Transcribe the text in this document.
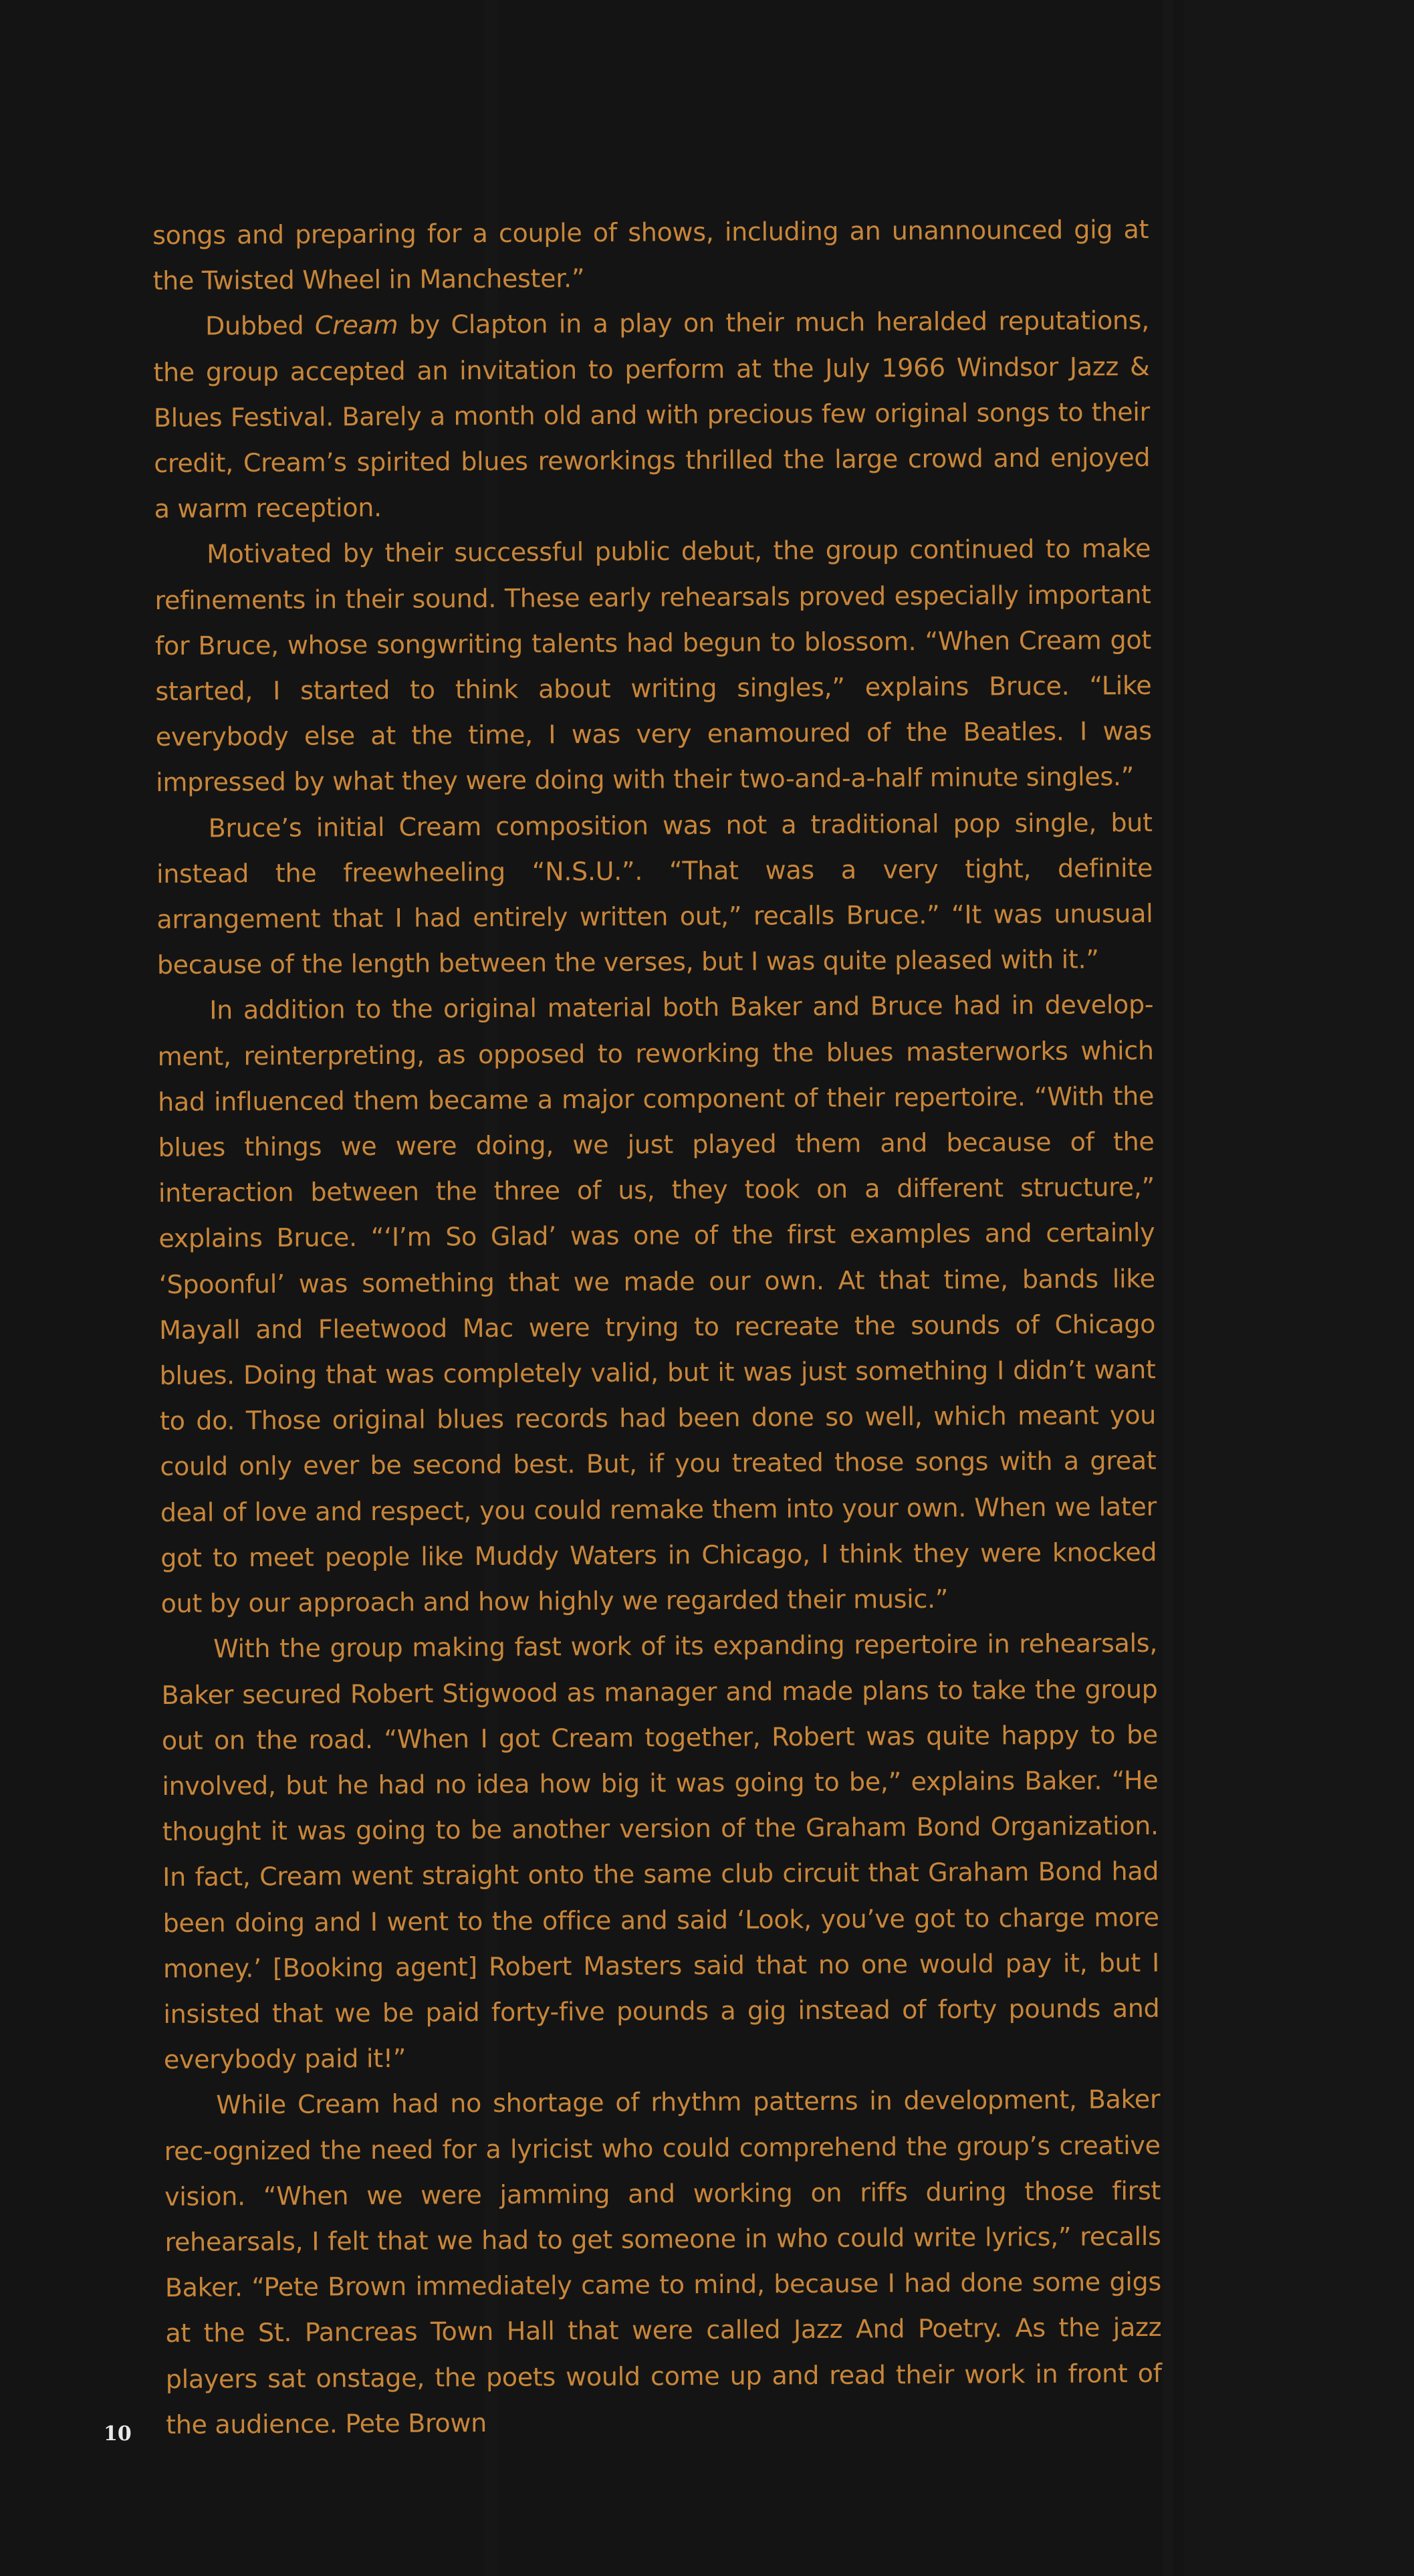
songs and preparing for a couple of shows, including an unannounced gig at the Twisted Wheel in Manchester.”

Dubbed Cream by Clapton in a play on their much heralded reputations, the group accepted an invitation to perform at the July 1966 Windsor Jazz & Blues Festival. Barely a month old and with precious few original songs to their credit, Cream’s spirited blues reworkings thrilled the large crowd and enjoyed a warm reception.

Motivated by their successful public debut, the group continued to make refinements in their sound. These early rehearsals proved especially important for Bruce, whose songwriting talents had begun to blossom. “When Cream got started, I started to think about writing singles,” explains Bruce. “Like everybody else at the time, I was very enamoured of the Beatles. I was impressed by what they were doing with their two-and-a-half minute singles.”

Bruce’s initial Cream composition was not a traditional pop single, but instead the freewheeling “N.S.U.”. “That was a very tight, definite arrangement that I had entirely written out,” recalls Bruce.” “It was unusual because of the length between the verses, but I was quite pleased with it.”

In addition to the original material both Baker and Bruce had in develop-ment, reinterpreting, as opposed to reworking the blues masterworks which had influenced them became a major component of their repertoire. “With the blues things we were doing, we just played them and because of the interaction between the three of us, they took on a different structure,” explains Bruce. “‘I’m So Glad’ was one of the first examples and certainly ‘Spoonful’ was something that we made our own. At that time, bands like Mayall and Fleetwood Mac were trying to recreate the sounds of Chicago blues. Doing that was completely valid, but it was just something I didn’t want to do. Those original blues records had been done so well, which meant you could only ever be second best. But, if you treated those songs with a great deal of love and respect, you could remake them into your own. When we later got to meet people like Muddy Waters in Chicago, I think they were knocked out by our approach and how highly we regarded their music.”

With the group making fast work of its expanding repertoire in rehearsals, Baker secured Robert Stigwood as manager and made plans to take the group out on the road. “When I got Cream together, Robert was quite happy to be involved, but he had no idea how big it was going to be,” explains Baker. “He thought it was going to be another version of the Graham Bond Organization. In fact, Cream went straight onto the same club circuit that Graham Bond had been doing and I went to the office and said ‘Look, you’ve got to charge more money.’ [Booking agent] Robert Masters said that no one would pay it, but I insisted that we be paid forty-five pounds a gig instead of forty pounds and everybody paid it!”

While Cream had no shortage of rhythm patterns in development, Baker rec-ognized the need for a lyricist who could comprehend the group’s creative vision. “When we were jamming and working on riffs during those first rehearsals, I felt that we had to get someone in who could write lyrics,” recalls Baker. “Pete Brown immediately came to mind, because I had done some gigs at the St. Pancreas Town Hall that were called Jazz And Poetry. As the jazz players sat onstage, the poets would come up and read their work in front of the audience. Pete Brown

10
